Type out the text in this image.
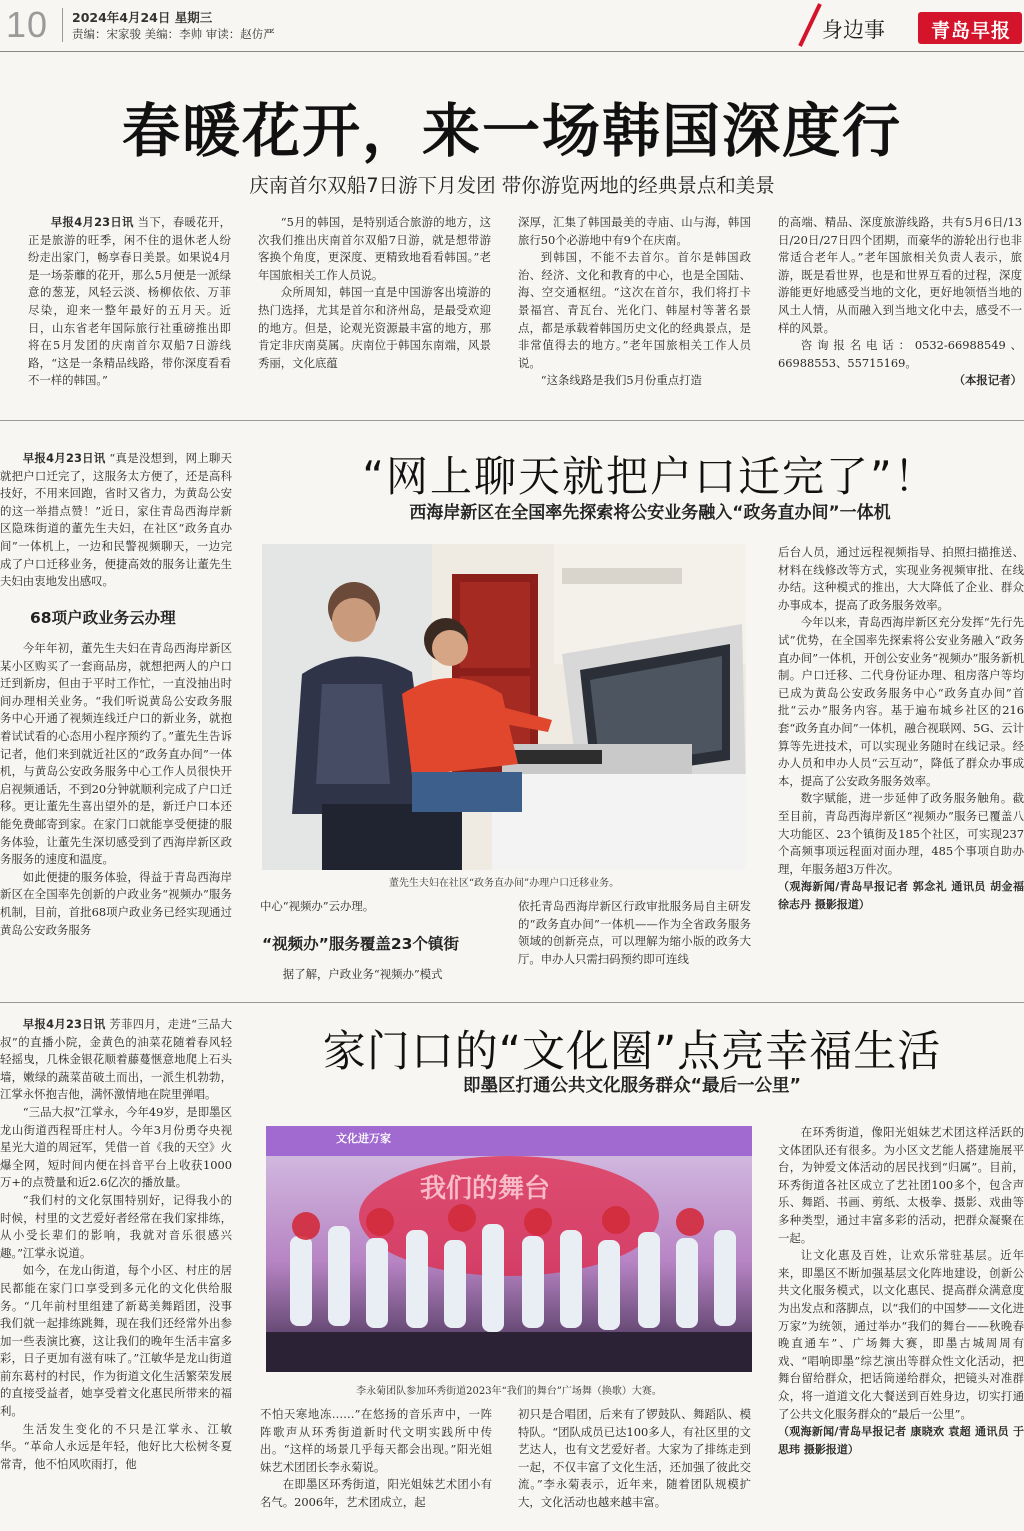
10 2024年4月24日 星期三
责编：宋家骏 美编：李帅 审读：赵仿严	身边事	青岛早报
春暖花开，来一场韩国深度行
庆南首尔双船7日游下月发团 带你游览两地的经典景点和美景

早报4月23日讯 当下，春暖花开，正是旅游的旺季，闲不住的退休老人纷纷走出家门，畅享春日美景。如果说4月是一场荼蘼的花开，那么5月便是一派绿意的葱茏，风轻云淡、杨柳依依、万菲尽染，迎来一整年最好的五月天。近日，山东省老年国际旅行社重磅推出即将在5月发团的庆南首尔双船7日游线路，“这是一条精品线路，带你深度看看不一样的韩国。”

“5月的韩国，是特别适合旅游的地方，这次我们推出庆南首尔双船7日游，就是想带游客换个角度，更深度、更精致地看看韩国。”老年国旅相关工作人员说。

众所周知，韩国一直是中国游客出境游的热门选择，尤其是首尔和济州岛，是最受欢迎的地方。但是，论观光资源最丰富的地方，那肯定非庆南莫属。庆南位于韩国东南端，风景秀丽，文化底蕴

深厚，汇集了韩国最美的寺庙、山与海，韩国旅行50个必游地中有9个在庆南。

到韩国，不能不去首尔。首尔是韩国政治、经济、文化和教育的中心，也是全国陆、海、空交通枢纽。“这次在首尔，我们将打卡景福宫、青瓦台、光化门、韩屋村等著名景点，都是承载着韩国历史文化的经典景点，是非常值得去的地方。”老年国旅相关工作人员说。

“这条线路是我们5月份重点打造

的高端、精品、深度旅游线路，共有5月6日/13日/20日/27日四个团期，而豪华的游轮出行也非常适合老年人。”老年国旅相关负责人表示，旅游，既是看世界，也是和世界互看的过程，深度游能更好地感受当地的文化，更好地领悟当地的风土人情，从而融入到当地文化中去，感受不一样的风景。

咨询报名电话：0532-66988549、66988553、55715169。

（本报记者）

早报4月23日讯 “真是没想到，网上聊天就把户口迁完了，这服务太方便了，还是高科技好，不用来回跑，省时又省力，为黄岛公安的这一举措点赞！”近日，家住青岛西海岸新区隐珠街道的董先生夫妇，在社区“政务直办间”一体机上，一边和民警视频聊天，一边完成了户口迁移业务，便捷高效的服务让董先生夫妇由衷地发出感叹。

“网上聊天就把户口迁完了”！
西海岸新区在全国率先探索将公安业务融入“政务直办间”一体机
68项户政业务云办理

今年年初，董先生夫妇在青岛西海岸新区某小区购买了一套商品房，就想把两人的户口迁到新房，但由于平时工作忙，一直没抽出时间办理相关业务。“我们听说黄岛公安政务服务中心开通了视频连线迁户口的新业务，就抱着试试看的心态用小程序预约了。”董先生告诉记者，他们来到就近社区的“政务直办间”一体机，与黄岛公安政务服务中心工作人员很快开启视频通话，不到20分钟就顺利完成了户口迁移。更让董先生喜出望外的是，新迁户口本还能免费邮寄到家。在家门口就能享受便捷的服务体验，让董先生深切感受到了西海岸新区政务服务的速度和温度。

如此便捷的服务体验，得益于青岛西海岸新区在全国率先创新的户政业务“视频办”服务机制，目前，首批68项户政业务已经实现通过黄岛公安政务服务

董先生夫妇在社区“政务直办间”办理户口迁移业务。

中心“视频办”云办理。

“视频办”服务覆盖23个镇街

据了解，户政业务“视频办”模式

依托青岛西海岸新区行政审批服务局自主研发的“政务直办间”一体机——作为全省政务服务领域的创新亮点，可以理解为缩小版的政务大厅。申办人只需扫码预约即可连线

后台人员，通过远程视频指导、拍照扫描推送、材料在线修改等方式，实现业务视频审批、在线办结。这种模式的推出，大大降低了企业、群众办事成本，提高了政务服务效率。

今年以来，青岛西海岸新区充分发挥“先行先试”优势，在全国率先探索将公安业务融入“政务直办间”一体机，开创公安业务“视频办”服务新机制。户口迁移、二代身份证办理、租房落户等均已成为黄岛公安政务服务中心“政务直办间”首批“云办”服务内容。基于遍布城乡社区的216套“政务直办间”一体机，融合视联网、5G、云计算等先进技术，可以实现业务随时在线记录。经办人员和申办人员“云互动”，降低了群众办事成本，提高了公安政务服务效率。

数字赋能，进一步延伸了政务服务触角。截至目前，青岛西海岸新区“视频办”服务已覆盖八大功能区、23个镇街及185个社区，可实现237个高频事项远程面对面办理，485个事项自助办理，年服务超3万件次。

（观海新闻/青岛早报记者 郭念礼 通讯员 胡金福 徐志丹 摄影报道）

早报4月23日讯 芳菲四月，走进“三品大叔”的直播小院，金黄色的油菜花随着春风轻轻摇曳，几株金银花顺着藤蔓惬意地爬上石头墙，嫩绿的蔬菜苗破土而出，一派生机勃勃，江掌永怀抱吉他，满怀激情地在院里弹唱。

“三品大叔”江掌永，今年49岁，是即墨区龙山街道西程哥庄村人。今年3月份勇夺央视星光大道的周冠军，凭借一首《我的天空》火爆全网，短时间内便在抖音平台上收获1000万+的点赞量和近2.6亿次的播放量。

“我们村的文化氛围特别好，记得我小的时候，村里的文艺爱好者经常在我们家排练，从小受长辈们的影响，我就对音乐很感兴趣。”江掌永说道。

如今，在龙山街道，每个小区、村庄的居民都能在家门口享受到多元化的文化供给服务。“几年前村里组建了新葛美舞蹈团，没事我们就一起排练跳舞，现在我们还经常外出参加一些表演比赛，这让我们的晚年生活丰富多彩，日子更加有滋有味了。”江敏华是龙山街道前东葛村的村民，作为街道文化生活繁荣发展的直接受益者，她享受着文化惠民所带来的福利。

生活发生变化的不只是江掌永、江敏华。“革命人永远是年轻，他好比大松树冬夏常青，他不怕风吹雨打，他

家门口的“文化圈”点亮幸福生活
即墨区打通公共文化服务群众“最后一公里”
文化进万家
我们的舞台
李永菊团队参加环秀街道2023年“我们的舞台”广场舞（换歌）大赛。

不怕天寒地冻……”在悠扬的音乐声中，一阵阵歌声从环秀街道新时代文明实践所中传出。“这样的场景几乎每天都会出现。”阳光姐妹艺术团团长李永菊说。

在即墨区环秀街道，阳光姐妹艺术团小有名气。2006年，艺术团成立，起

初只是合唱团，后来有了锣鼓队、舞蹈队、模特队。“团队成员已达100多人，有社区里的文艺达人，也有文艺爱好者。大家为了排练走到一起，不仅丰富了文化生活，还加强了彼此交流。”李永菊表示，近年来，随着团队规模扩大，文化活动也越来越丰富。

在环秀街道，像阳光姐妹艺术团这样活跃的文体团队还有很多。为小区文艺能人搭建施展平台，为钟爱文体活动的居民找到“归属”。目前，环秀街道各社区成立了艺社团100多个，包含声乐、舞蹈、书画、剪纸、太极拳、摄影、戏曲等多种类型，通过丰富多彩的活动，把群众凝聚在一起。

让文化惠及百姓，让欢乐常驻基层。近年来，即墨区不断加强基层文化阵地建设，创新公共文化服务模式，以文化惠民、提高群众满意度为出发点和落脚点，以“我们的中国梦——文化进万家”为统领，通过举办“我们的舞台——秋晚春晚直通车”、广场舞大赛，即墨古城周周有戏、“唱响即墨”综艺演出等群众性文化活动，把舞台留给群众，把话筒递给群众，把镜头对准群众，将一道道文化大餐送到百姓身边，切实打通了公共文化服务群众的“最后一公里”。

（观海新闻/青岛早报记者 康晓欢 袁超 通讯员 于思玮 摄影报道）
